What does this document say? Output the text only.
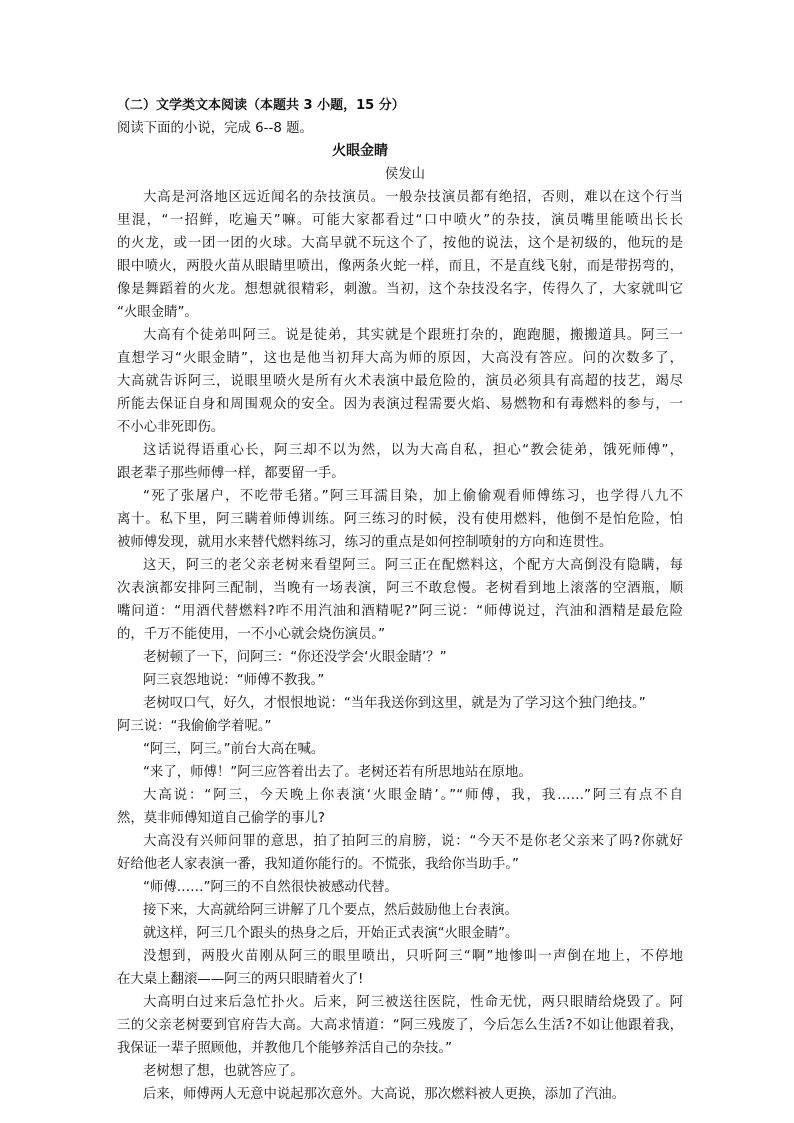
（二）文学类文本阅读（本题共 3 小题，15 分）

阅读下面的小说，完成 6--8 题。

火眼金睛

侯发山

大高是河洛地区远近闻名的杂技演员。一般杂技演员都有绝招，否则，难以在这个行当

里混，“一招鲜，吃遍天”嘛。可能大家都看过“口中喷火”的杂技，演员嘴里能喷出长长

的火龙，或一团一团的火球。大高早就不玩这个了，按他的说法，这个是初级的，他玩的是

眼中喷火，两股火苗从眼睛里喷出，像两条火蛇一样，而且，不是直线飞射，而是带拐弯的，

像是舞蹈着的火龙。想想就很精彩，刺激。当初，这个杂技没名字，传得久了，大家就叫它

“火眼金睛”。

大高有个徒弟叫阿三。说是徒弟，其实就是个跟班打杂的，跑跑腿，搬搬道具。阿三一

直想学习“火眼金睛”，这也是他当初拜大高为师的原因，大高没有答应。问的次数多了，

大高就告诉阿三，说眼里喷火是所有火术表演中最危险的，演员必须具有高超的技艺，竭尽

所能去保证自身和周围观众的安全。因为表演过程需要火焰、易燃物和有毒燃料的参与，一

不小心非死即伤。

这话说得语重心长，阿三却不以为然，以为大高自私，担心“教会徒弟，饿死师傅”，

跟老辈子那些师傅一样，都要留一手。

“死了张屠户，不吃带毛猪。”阿三耳濡目染，加上偷偷观看师傅练习，也学得八九不

离十。私下里，阿三瞒着师傅训练。阿三练习的时候，没有使用燃料，他倒不是怕危险，怕

被师傅发现，就用水来替代燃料练习，练习的重点是如何控制喷射的方向和连贯性。

这天，阿三的老父亲老树来看望阿三。阿三正在配燃料这，个配方大高倒没有隐瞒，每

次表演都安排阿三配制，当晚有一场表演，阿三不敢怠慢。老树看到地上滚落的空酒瓶，顺

嘴问道：“用酒代替燃料?咋不用汽油和酒精呢?”阿三说：“师傅说过，汽油和酒精是最危险

的，千万不能使用，一不小心就会烧伤演员。”

老树顿了一下，问阿三：“你还没学会‘火眼金睛’？”

阿三哀怨地说：“师傅不教我。”

老树叹口气，好久，才恨恨地说：“当年我送你到这里，就是为了学习这个独门绝技。”

阿三说：“我偷偷学着呢。”

“阿三，阿三。”前台大高在喊。

“来了，师傅！”阿三应答着出去了。老树还若有所思地站在原地。

大高说：“阿三，今天晚上你表演‘火眼金睛’。”“师傅，我，我……”阿三有点不自

然，莫非师傅知道自己偷学的事儿?

大高没有兴师问罪的意思，拍了拍阿三的肩膀，说：“今天不是你老父亲来了吗?你就好

好给他老人家表演一番，我知道你能行的。不慌张，我给你当助手。”

“师傅……”阿三的不自然很快被感动代替。

接下来，大高就给阿三讲解了几个要点，然后鼓励他上台表演。

就这样，阿三几个跟头的热身之后，开始正式表演“火眼金睛”。

没想到，两股火苗刚从阿三的眼里喷出，只听阿三“啊”地惨叫一声倒在地上，不停地

在大桌上翻滚——阿三的两只眼睛着火了!

大高明白过来后急忙扑火。后来，阿三被送往医院，性命无忧，两只眼睛给烧毁了。阿

三的父亲老树要到官府告大高。大高求情道：“阿三残废了，今后怎么生活?不如让他跟着我，

我保证一辈子照顾他，并教他几个能够养活自己的杂技。”

老树想了想，也就答应了。

后来，师傅两人无意中说起那次意外。大高说，那次燃料被人更换，添加了汽油。
